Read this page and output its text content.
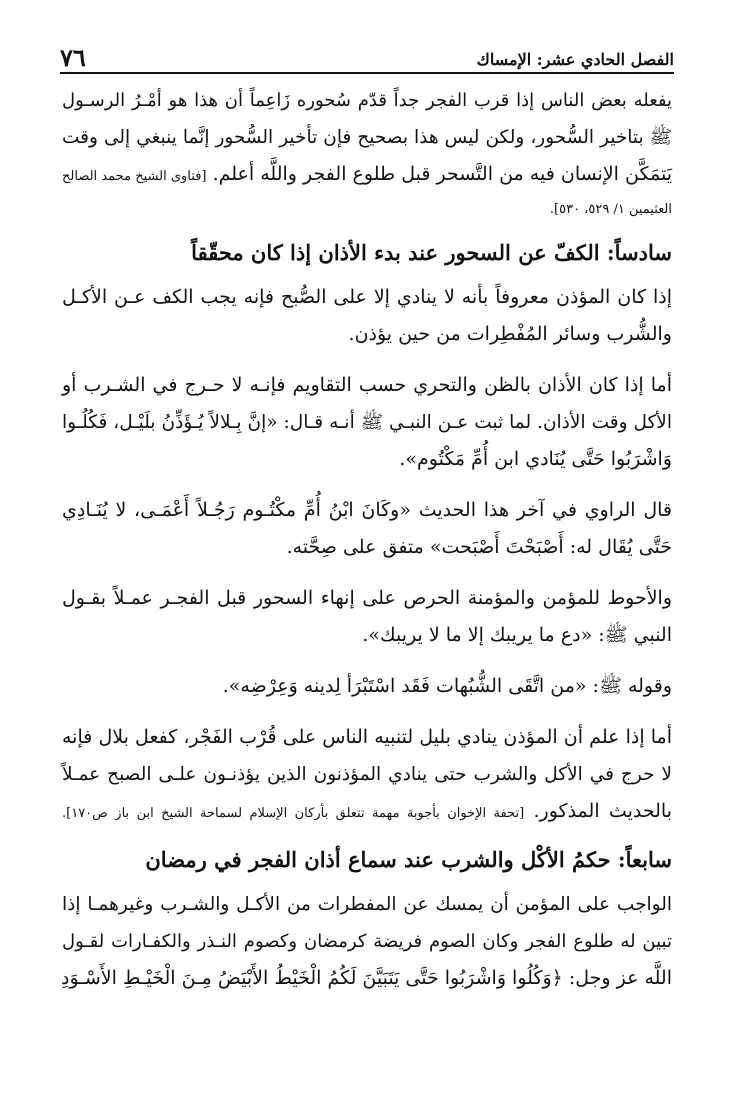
الفصل الحادي عشر: الإمساك
٧٦
يفعله بعض الناس إذا قرب الفجر جداً قدّم سُحوره زَاعِماً أن هذا هو أمْـرُ الرسـول
ﷺ بتاخير السُّحور، ولكن ليس هذا بصحيح فإن تأخير السُّحور إنَّما ينبغي إلى وقت
يَتمَكَّن الإنسان فيه من التَّسحر قبل طلوع الفجر واللَّه أعلم. [فتاوى الشيخ محمد الصالح
العثيمين ١/ ٥٢٩، ٥٣٠].
سادساً: الكفّ عن السحور عند بدء الأذان إذا كان محقّقاً
إذا كان المؤذن معروفاً بأنه لا ينادي إلا على الصُّبح فإنه يجب الكف عـن الأكـل
والشُّرب وسائر المُفْطِرات من حين يؤذن.
أما إذا كان الأذان بالظن والتحري حسب التقاويم فإنـه لا حـرج في الشـرب أو
الأكل وقت الأذان. لما ثبت عـن النبـي ﷺ أنـه قـال: «إنَّ بِـلالاً يُـؤَذِّنُ بلَيْـل، فَكُلُـوا
وَاشْرَبُوا حَتَّى يُنَادي ابن أُمِّ مَكْتُوم».
قال الراوي في آخر هذا الحديث «وكَانَ ابْنُ أُمِّ مكْتُـوم رَجُـلاً أَعْمَـى، لا يُنَـادِي
حَتَّى يُقَال له: أَصْبَحْتَ أَصْبَحت» متفق على صِحَّته.
والأحوط للمؤمن والمؤمنة الحرص على إنهاء السحور قبل الفجـر عمـلاً بقـول
النبي ﷺ: «دع ما يريبك إلا ما لا يريبك».
وقوله ﷺ: «من اتَّقَى الشُّبُهات فَقَد اسْتَبْرَأ لِدينه وَعِرْضِه».
أما إذا علم أن المؤذن ينادي بليل لتنبيه الناس على قُرْب الفَجْر، كفعل بلال فإنه
لا حرج في الأكل والشرب حتى ينادي المؤذنون الذين يؤذنـون علـى الصبح عمـلاً
بالحديث المذكور. [تحفة الإخوان بأجوبة مهمة تتعلق بأركان الإسلام لسماحة الشيخ ابن باز ص١٧٠].
سابعاً: حكمُ الأكْل والشرب عند سماع أذان الفجر في رمضان
الواجب على المؤمن أن يمسك عن المفطرات من الأكـل والشـرب وغيرهمـا إذا
تبين له طلوع الفجر وكان الصوم فريضة كرمضان وكصوم النـذر والكفـارات لقـول
اللَّه عز وجل: ﴿وَكُلُوا وَاشْرَبُوا حَتَّى يَتَبَيَّنَ لَكُمُ الْخَيْطُ الأَبْيَضُ مِـنَ الْخَيْـطِ الأَسْـوَدِ
